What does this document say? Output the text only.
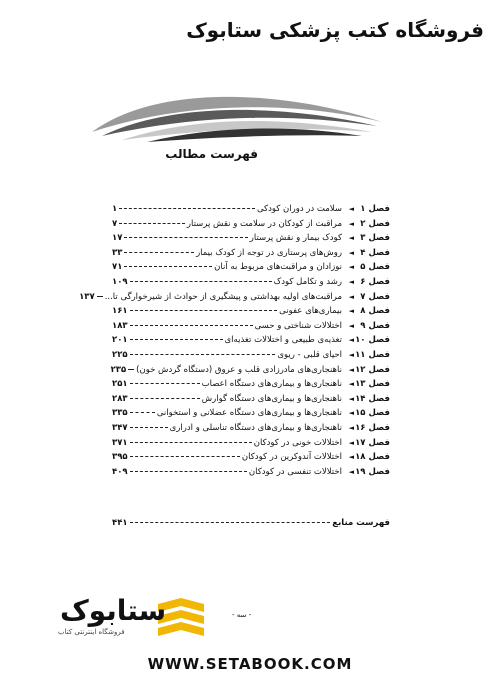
فروشگاه کتب پزشکی ستابوک
فهرست مطالب
فصل ۱
◄
سلامت در دوران کودکی
۱
فصل ۲
◄
مراقبت از کودکان در سلامت و نقش پرستار
۷
فصل ۳
◄
کودک بیمار و نقش پرستار
۱۷
فصل ۴
◄
روش‌های پرستاری در توجه از کودک بیمار
۳۳
فصل ۵
◄
نوزادان و مراقبت‌های مربوط به آنان
۷۱
فصل ۶
◄
رشد و تکامل کودک
۱۰۹
فصل ۷
◄
مراقبت‌های اولیه بهداشتی و پیشگیری از حوادث از شیرخوارگی تا...
۱۳۷
فصل ۸
◄
بیماری‌های عفونی
۱۶۱
فصل ۹
◄
اختلالات شناختی و حسی
۱۸۳
فصل ۱۰
◄
تغذیه‌ی طبیعی و اختلالات تغذیه‌ای
۲۰۱
فصل ۱۱
◄
احیای قلبی - ریوی
۲۲۵
فصل ۱۲
◄
ناهنجاری‌های مادرزادی قلب و عروق (دستگاه گردش خون)
۲۳۵
فصل ۱۳
◄
ناهنجاری‌ها و بیماری‌های دستگاه اعصاب
۲۵۱
فصل ۱۴
◄
ناهنجاری‌ها و بیماری‌های دستگاه گوارش
۲۸۳
فصل ۱۵
◄
ناهنجاری‌ها و بیماری‌های دستگاه عضلانی و استخوانی
۳۳۵
فصل ۱۶
◄
ناهنجاری‌ها و بیماری‌های دستگاه تناسلی و ادراری
۳۴۷
فصل ۱۷
◄
اختلالات خونی در کودکان
۳۷۱
فصل ۱۸
◄
اختلالات آندوکرین در کودکان
۳۹۵
فصل ۱۹
◄
اختلالات تنفسی در کودکان
۴۰۹
فهرست منابع
۴۴۱
- سه -
ستابوک
فروشگاه اینترنتی کتاب
WWW.SETABOOK.COM
